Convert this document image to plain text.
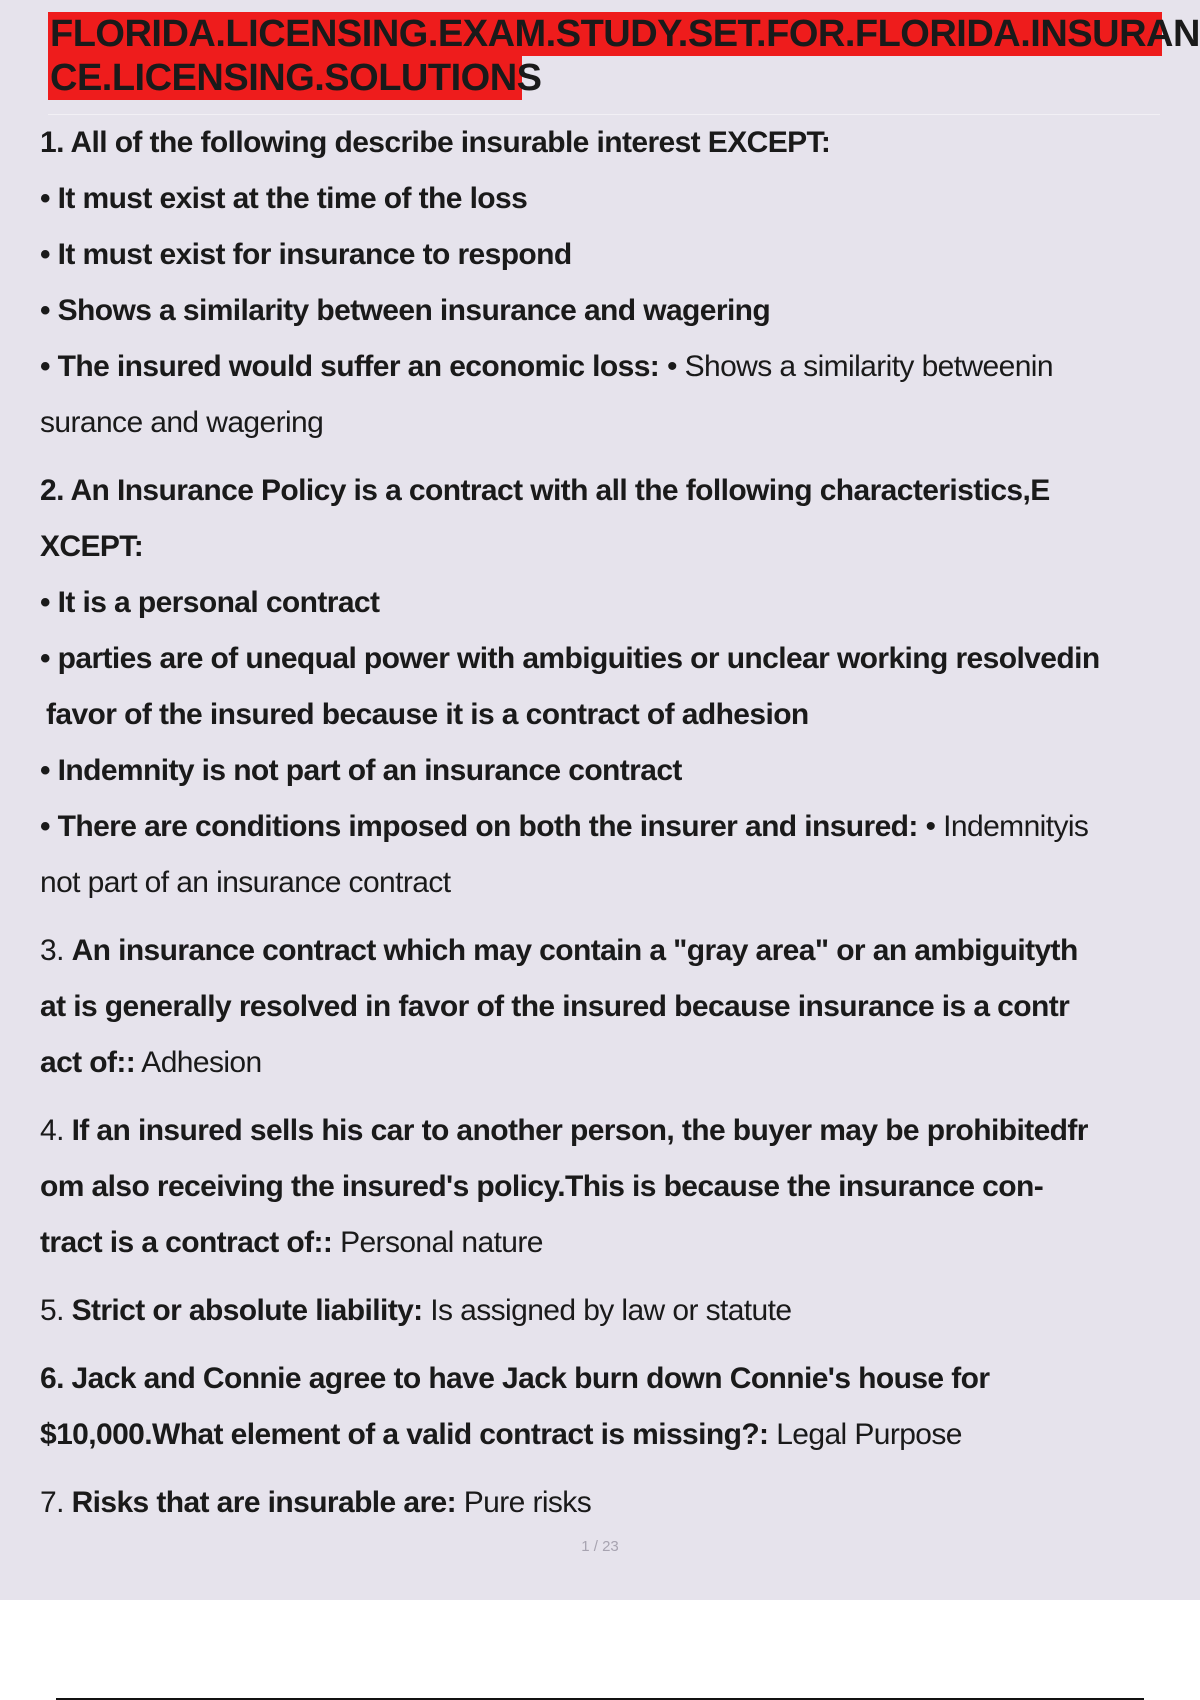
FLORIDA.LICENSING.EXAM.STUDY.SET.FOR.FLORIDA.INSURAN
CE.LICENSING.SOLUTIONS
1. All of the following describe insurable interest EXCEPT:
• It must exist at the time of the loss
• It must exist for insurance to respond
• Shows a similarity between insurance and wagering
• The insured would suffer an economic loss: • Shows a similarity betweenin
surance and wagering
2. An Insurance Policy is a contract with all the following characteristics,E
XCEPT:
• It is a personal contract
• parties are of unequal power with ambiguities or unclear working resolvedin
favor of the insured because it is a contract of adhesion
• Indemnity is not part of an insurance contract
• There are conditions imposed on both the insurer and insured: • Indemnityis
not part of an insurance contract
3. An insurance contract which may contain a "gray area" or an ambiguityth
at is generally resolved in favor of the insured because insurance is a contr
act of:: Adhesion
4. If an insured sells his car to another person, the buyer may be prohibitedfr
om also receiving the insured's policy.This is because the insurance con-
tract is a contract of:: Personal nature
5. Strict or absolute liability: Is assigned by law or statute
6. Jack and Connie agree to have Jack burn down Connie's house for
$10,000.What element of a valid contract is missing?: Legal Purpose
7. Risks that are insurable are: Pure risks
1 / 23
